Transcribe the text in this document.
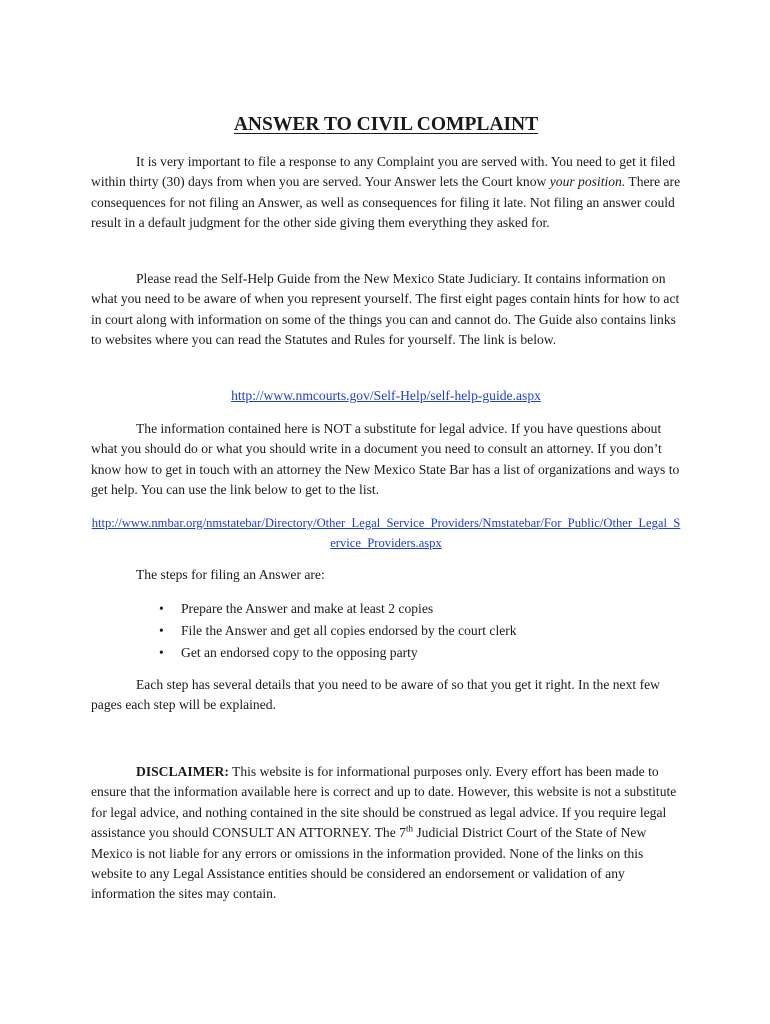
ANSWER TO CIVIL COMPLAINT

It is very important to file a response to any Complaint you are served with. You need to get it filed within thirty (30) days from when you are served. Your Answer lets the Court know your position. There are consequences for not filing an Answer, as well as consequences for filing it late. Not filing an answer could result in a default judgment for the other side giving them everything they asked for.

Please read the Self-Help Guide from the New Mexico State Judiciary. It contains information on what you need to be aware of when you represent yourself. The first eight pages contain hints for how to act in court along with information on some of the things you can and cannot do. The Guide also contains links to websites where you can read the Statutes and Rules for yourself. The link is below.

http://www.nmcourts.gov/Self-Help/self-help-guide.aspx

The information contained here is NOT a substitute for legal advice. If you have questions about what you should do or what you should write in a document you need to consult an attorney. If you don’t know how to get in touch with an attorney the New Mexico State Bar has a list of organizations and ways to get help. You can use the link below to get to the list.

http://www.nmbar.org/nmstatebar/Directory/Other_Legal_Service_Providers/Nmstatebar/For_Public/Other_Legal_Service_Providers.aspx

The steps for filing an Answer are:

• Prepare the Answer and make at least 2 copies
• File the Answer and get all copies endorsed by the court clerk
• Get an endorsed copy to the opposing party

Each step has several details that you need to be aware of so that you get it right. In the next few pages each step will be explained.

DISCLAIMER: This website is for informational purposes only. Every effort has been made to ensure that the information available here is correct and up to date. However, this website is not a substitute for legal advice, and nothing contained in the site should be construed as legal advice. If you require legal assistance you should CONSULT AN ATTORNEY. The 7th Judicial District Court of the State of New Mexico is not liable for any errors or omissions in the information provided. None of the links on this website to any Legal Assistance entities should be considered an endorsement or validation of any information the sites may contain.
